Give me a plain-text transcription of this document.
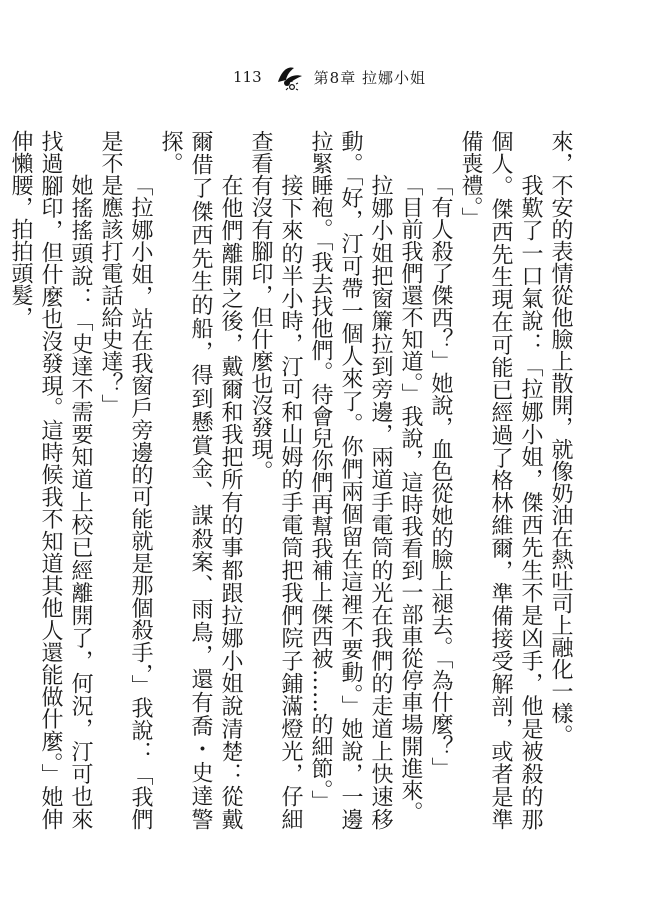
113	第8章 拉娜小姐

來，不安的表情從他臉上散開，就像奶油在熱吐司上融化一樣。

我歎了一口氣說：「拉娜小姐，傑西先生不是凶手，他是被殺的那個人。傑西先生現在可能已經過了格林維爾，準備接受解剖，或者是準備喪禮。」

「有人殺了傑西？」她說，血色從她的臉上褪去。「為什麼？」

「目前我們還不知道。」我說，這時我看到一部車從停車場開進來。

拉娜小姐把窗簾拉到旁邊，兩道手電筒的光在我們的走道上快速移動。「好，汀可帶一個人來了。你們兩個留在這裡不要動。」她說，一邊拉緊睡袍。「我去找他們。待會兒你們再幫我補上傑西被……的細節。」

接下來的半小時，汀可和山姆的手電筒把我們院子鋪滿燈光，仔細查看有沒有腳印，但什麼也沒發現。

在他們離開之後，戴爾和我把所有的事都跟拉娜小姐說清楚：從戴爾借了傑西先生的船，得到懸賞金、謀殺案、雨鳥，還有喬・史達警探。

「拉娜小姐，站在我窗戶旁邊的可能就是那個殺手，」我說：「我們是不是應該打電話給史達？」

她搖搖頭說：「史達不需要知道上校已經離開了，何況，汀可也來找過腳印，但什麼也沒發現。這時候我不知道其他人還能做什麼。」她伸伸懶腰，拍拍頭髮，
